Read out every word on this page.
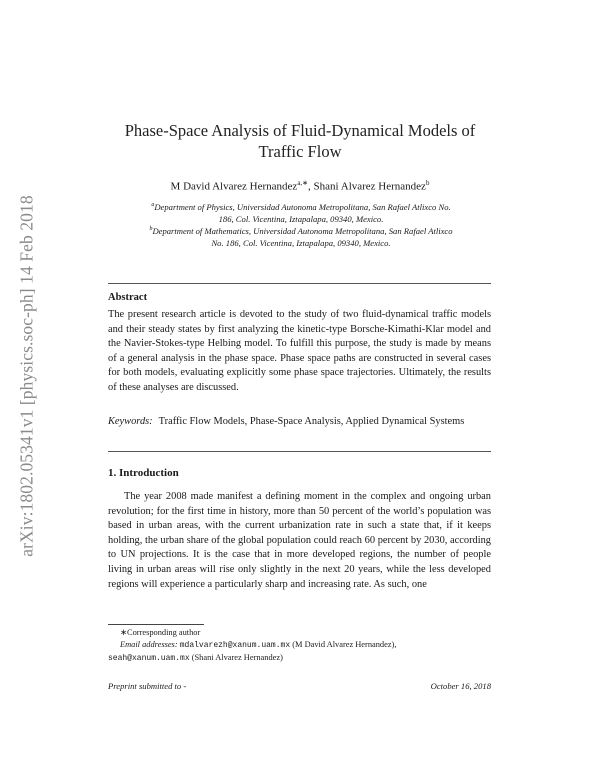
arXiv:1802.05341v1 [physics.soc-ph] 14 Feb 2018
Phase-Space Analysis of Fluid-Dynamical Models of
Traffic Flow
M David Alvarez Hernandez$^{a,∗}$, Shani Alvarez Hernandez$^b$
$^a$Department of Physics, Universidad Autonoma Metropolitana, San Rafael Atlixco No.
186, Col. Vicentina, Iztapalapa, 09340, Mexico.
$^b$Department of Mathematics, Universidad Autonoma Metropolitana, San Rafael Atlixco
No. 186, Col. Vicentina, Iztapalapa, 09340, Mexico.
Abstract
The present research article is devoted to the study of two fluid-dynamical traffic models and their steady states by first analyzing the kinetic-type Borsche-Kimathi-Klar model and the Navier-Stokes-type Helbing model. To fulfill this purpose, the study is made by means of a general analysis in the phase space. Phase space paths are constructed in several cases for both models, evaluating explicitly some phase space trajectories. Ultimately, the results of these analyses are discussed.
Keywords: Traffic Flow Models, Phase-Space Analysis, Applied Dynamical Systems
1. Introduction

The year 2008 made manifest a defining moment in the complex and ongoing urban revolution; for the first time in history, more than 50 percent of the world’s population was based in urban areas, with the current urbanization rate in such a state that, if it keeps holding, the urban share of the global population could reach 60 percent by 2030, according to UN projections. It is the case that in more developed regions, the number of people living in urban areas will rise only slightly in the next 20 years, while the less developed regions will experience a particularly sharp and increasing rate. As such, one

∗Corresponding author
Email addresses: mdalvarezh@xanum.uam.mx (M David Alvarez Hernandez),
seah@xanum.uam.mx (Shani Alvarez Hernandez)
Preprint submitted to -	October 16, 2018
